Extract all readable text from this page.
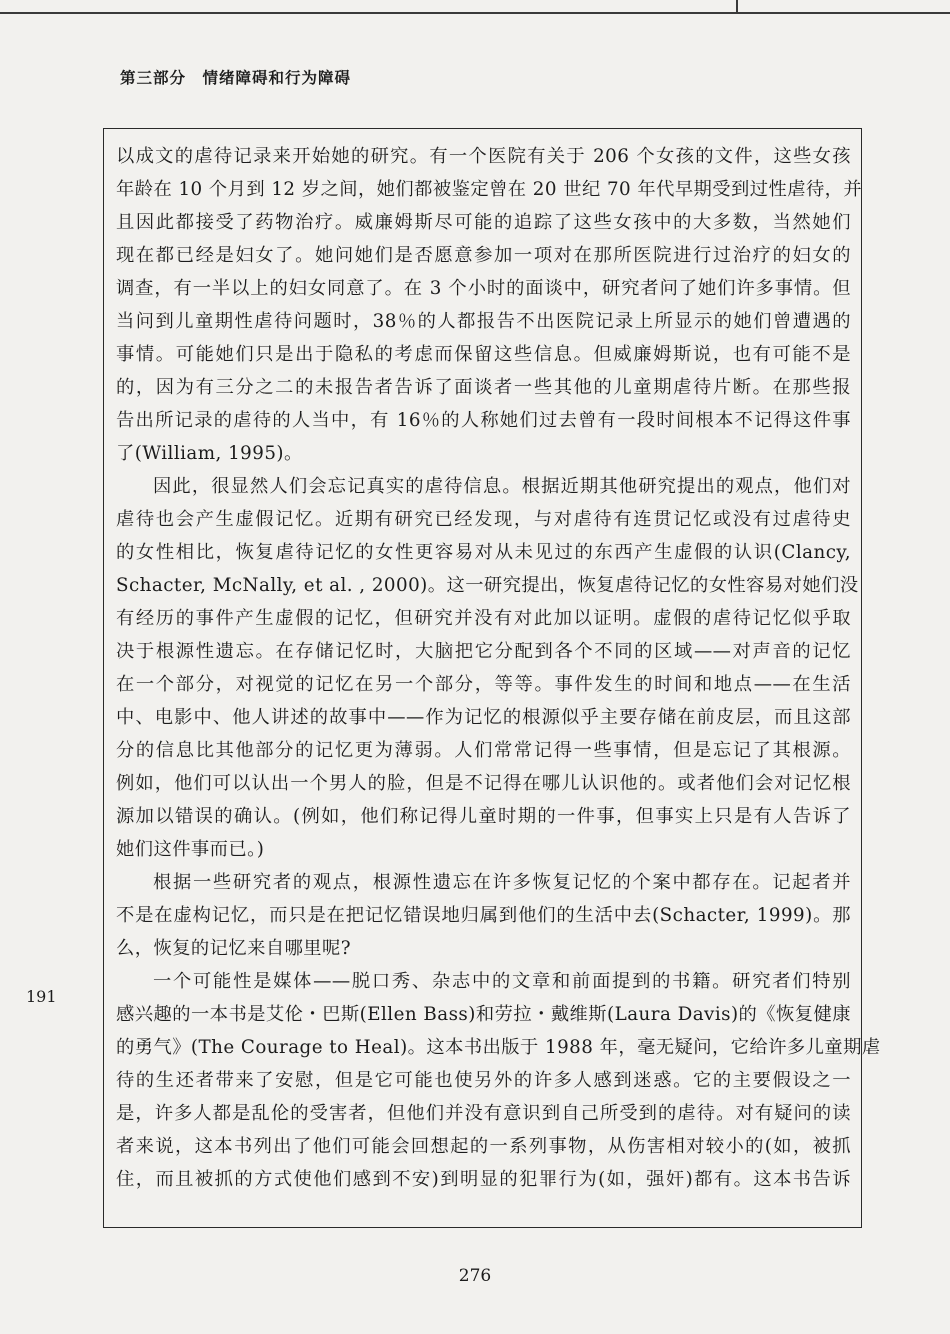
第三部分　情绪障碍和行为障碍
以成文的虐待记录来开始她的研究。有一个医院有关于 206 个女孩的文件，这些女孩
年龄在 10 个月到 12 岁之间，她们都被鉴定曾在 20 世纪 70 年代早期受到过性虐待，并
且因此都接受了药物治疗。威廉姆斯尽可能的追踪了这些女孩中的大多数，当然她们
现在都已经是妇女了。她问她们是否愿意参加一项对在那所医院进行过治疗的妇女的
调查，有一半以上的妇女同意了。在 3 个小时的面谈中，研究者问了她们许多事情。但
当问到儿童期性虐待问题时，38％的人都报告不出医院记录上所显示的她们曾遭遇的
事情。可能她们只是出于隐私的考虑而保留这些信息。但威廉姆斯说，也有可能不是
的，因为有三分之二的未报告者告诉了面谈者一些其他的儿童期虐待片断。在那些报
告出所记录的虐待的人当中，有 16％的人称她们过去曾有一段时间根本不记得这件事
了(William, 1995)。
因此，很显然人们会忘记真实的虐待信息。根据近期其他研究提出的观点，他们对
虐待也会产生虚假记忆。近期有研究已经发现，与对虐待有连贯记忆或没有过虐待史
的女性相比，恢复虐待记忆的女性更容易对从未见过的东西产生虚假的认识(Clancy,
Schacter, McNally, et al. , 2000)。这一研究提出，恢复虐待记忆的女性容易对她们没
有经历的事件产生虚假的记忆，但研究并没有对此加以证明。虚假的虐待记忆似乎取
决于根源性遗忘。在存储记忆时，大脑把它分配到各个不同的区域——对声音的记忆
在一个部分，对视觉的记忆在另一个部分，等等。事件发生的时间和地点——在生活
中、电影中、他人讲述的故事中——作为记忆的根源似乎主要存储在前皮层，而且这部
分的信息比其他部分的记忆更为薄弱。人们常常记得一些事情，但是忘记了其根源。
例如，他们可以认出一个男人的脸，但是不记得在哪儿认识他的。或者他们会对记忆根
源加以错误的确认。(例如，他们称记得儿童时期的一件事，但事实上只是有人告诉了
她们这件事而已。)
根据一些研究者的观点，根源性遗忘在许多恢复记忆的个案中都存在。记起者并
不是在虚构记忆，而只是在把记忆错误地归属到他们的生活中去(Schacter, 1999)。那
么，恢复的记忆来自哪里呢?
一个可能性是媒体——脱口秀、杂志中的文章和前面提到的书籍。研究者们特别
感兴趣的一本书是艾伦・巴斯(Ellen Bass)和劳拉・戴维斯(Laura Davis)的《恢复健康
的勇气》(The Courage to Heal)。这本书出版于 1988 年，毫无疑问，它给许多儿童期虐
待的生还者带来了安慰，但是它可能也使另外的许多人感到迷惑。它的主要假设之一
是，许多人都是乱伦的受害者，但他们并没有意识到自己所受到的虐待。对有疑问的读
者来说，这本书列出了他们可能会回想起的一系列事物，从伤害相对较小的(如，被抓
住，而且被抓的方式使他们感到不安)到明显的犯罪行为(如，强奸)都有。这本书告诉
191
276
